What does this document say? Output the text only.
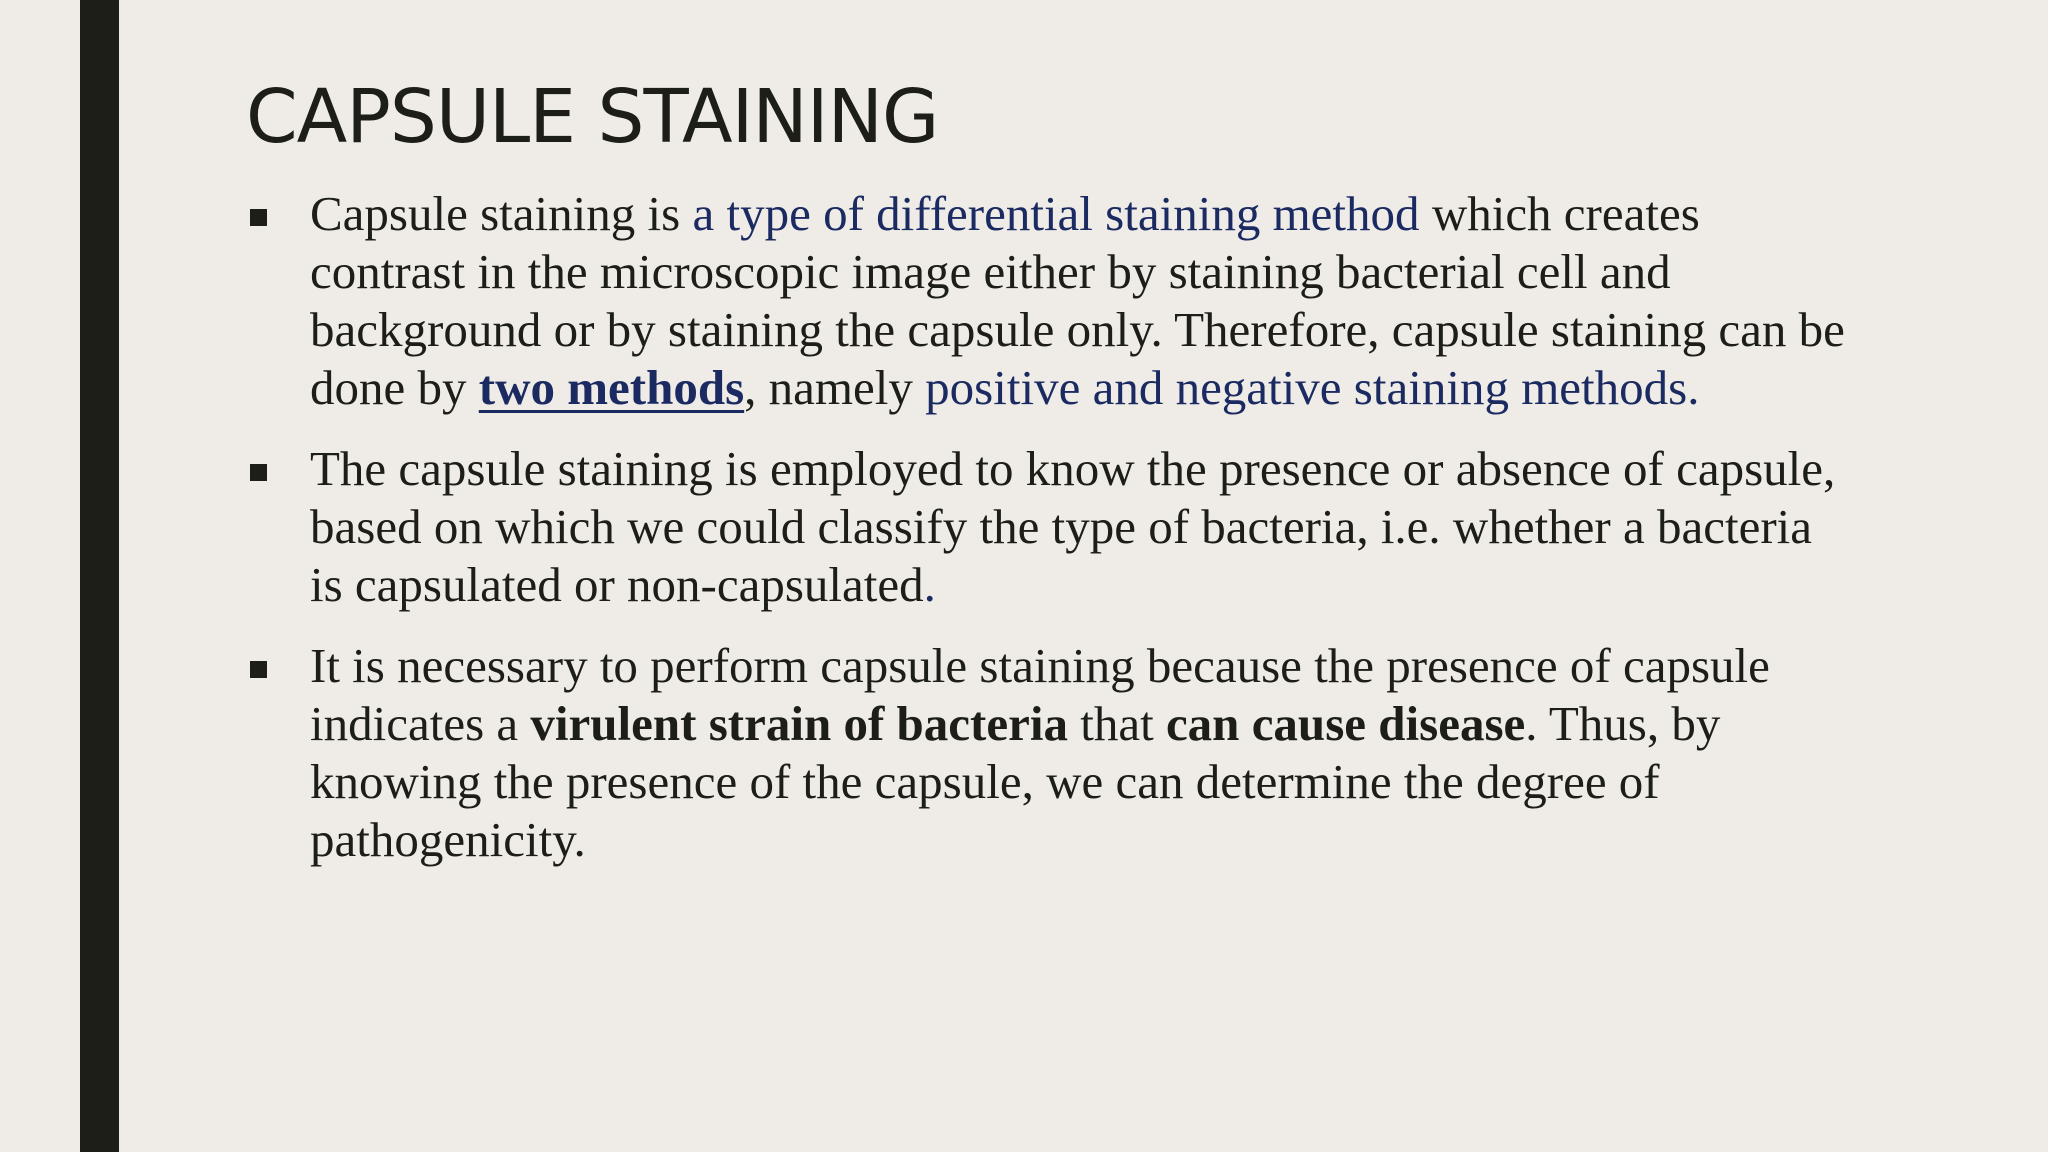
CAPSULE STAINING
Capsule staining is a type of differential staining method which creates contrast in the microscopic image either by staining bacterial cell and background or by staining the capsule only. Therefore, capsule staining can be done by two methods, namely positive and negative staining methods.
The capsule staining is employed to know the presence or absence of capsule, based on which we could classify the type of bacteria, i.e. whether a bacteria is capsulated or non-capsulated.
It is necessary to perform capsule staining because the presence of capsule indicates a virulent strain of bacteria that can cause disease. Thus, by knowing the presence of the capsule, we can determine the degree of pathogenicity.
